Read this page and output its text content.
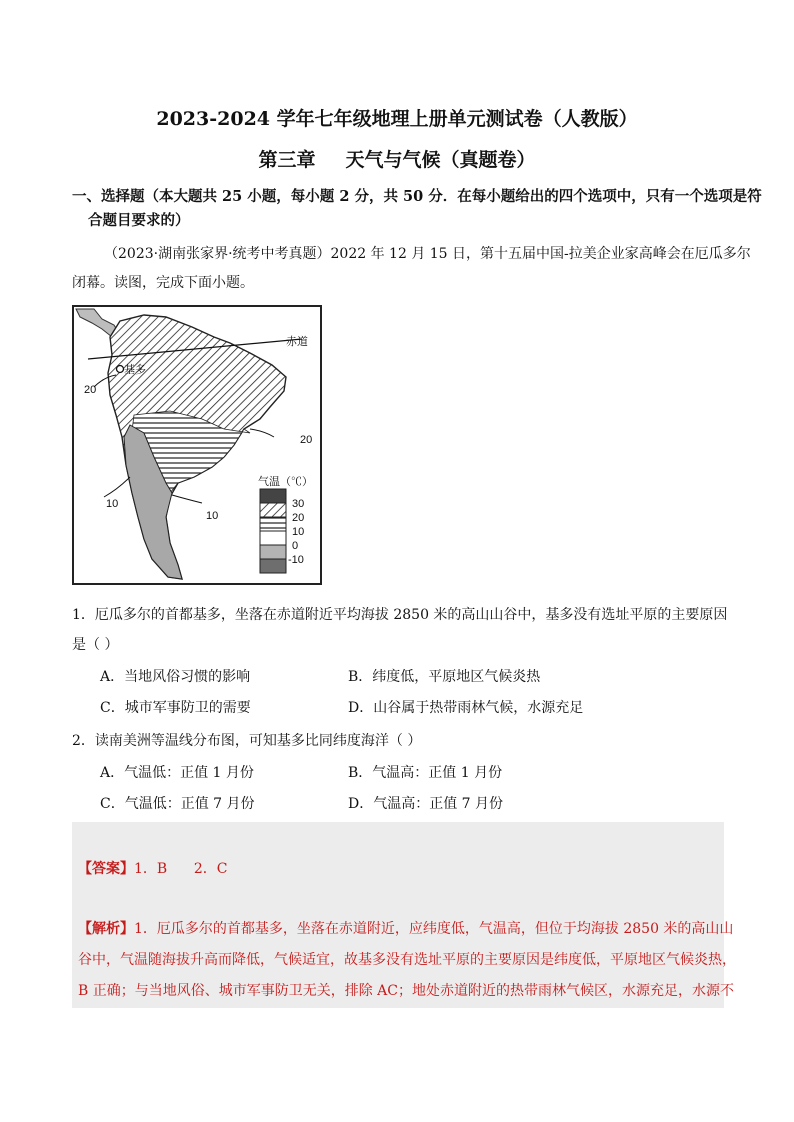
2023-2024 学年七年级地理上册单元测试卷（人教版）
第三章 天气与气候（真题卷）
一、选择题（本大题共 25 小题，每小题 2 分，共 50 分．在每小题给出的四个选项中，只有一个选项是符
合题目要求的）
（2023·湖南张家界·统考中考真题）2022 年 12 月 15 日，第十五届中国-拉美企业家高峰会在厄瓜多尔
闭幕。读图，完成下面小题。
赤道
基多
20
20
10
10
气温（℃）
30
20
10
0
-10
1．厄瓜多尔的首都基多，坐落在赤道附近平均海拔 2850 米的高山山谷中，基多没有选址平原的主要原因
是（ ）
A．当地风俗习惯的影响	B．纬度低，平原地区气候炎热
C．城市军事防卫的需要	D．山谷属于热带雨林气候，水源充足
2．读南美洲等温线分布图，可知基多比同纬度海洋（ ）
A．气温低：正值 1 月份	B．气温高：正值 1 月份
C．气温低：正值 7 月份	D．气温高：正值 7 月份
【答案】1．B      2．C
【解析】1．厄瓜多尔的首都基多，坐落在赤道附近，应纬度低，气温高，但位于均海拔 2850 米的高山山
谷中，气温随海拔升高而降低，气候适宜，故基多没有选址平原的主要原因是纬度低，平原地区气候炎热，
B 正确；与当地风俗、城市军事防卫无关，排除 AC；地处赤道附近的热带雨林气候区，水源充足，水源不
